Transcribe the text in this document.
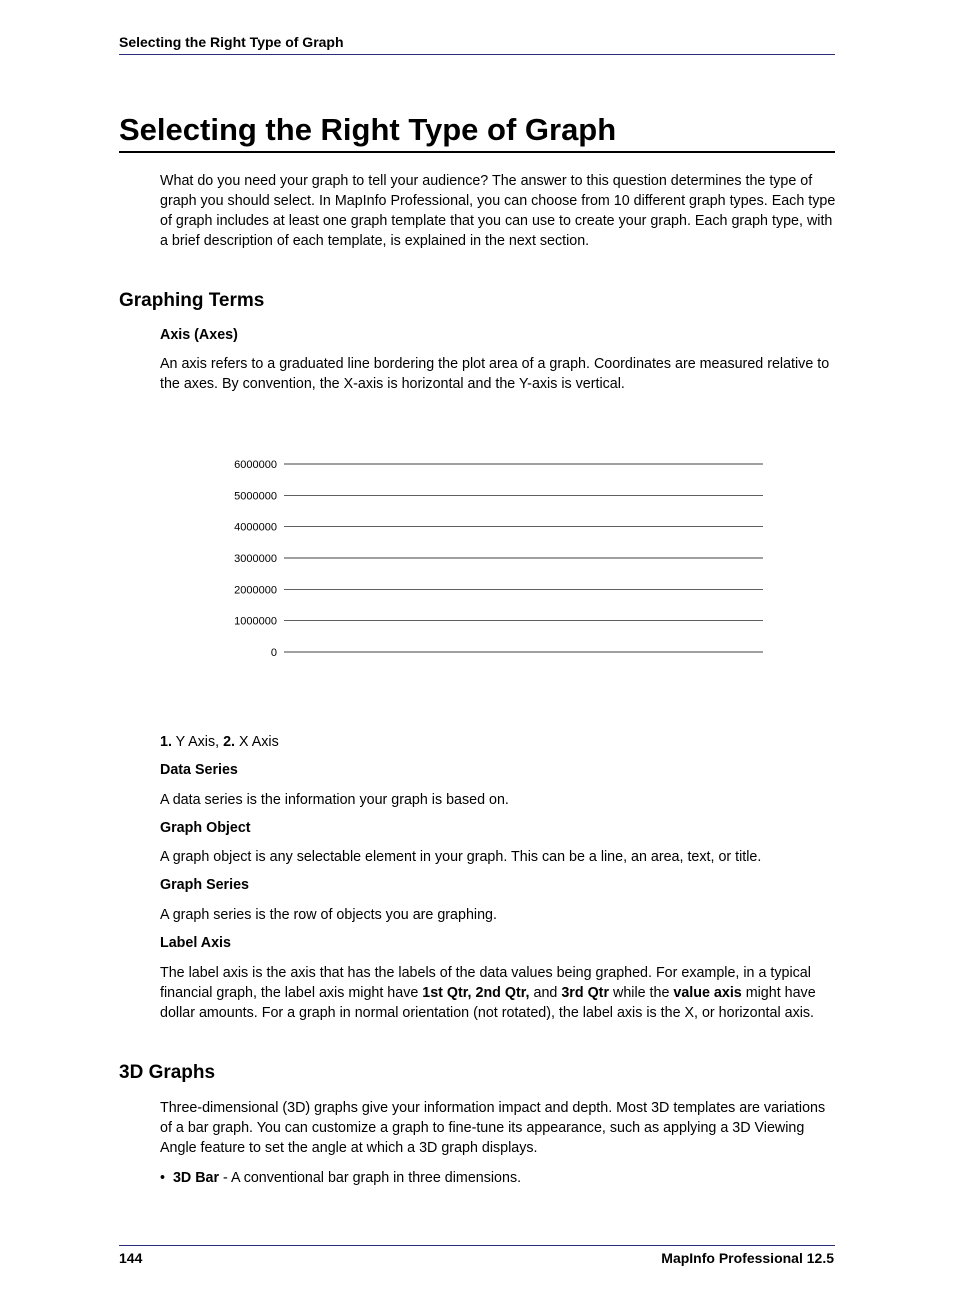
Selecting the Right Type of Graph
Selecting the Right Type of Graph

What do you need your graph to tell your audience? The answer to this question determines the type of graph you should select. In MapInfo Professional, you can choose from 10 different graph types. Each type of graph includes at least one graph template that you can use to create your graph. Each graph type, with a brief description of each template, is explained in the next section.

Graphing Terms
Axis (Axes)

An axis refers to a graduated line bordering the plot area of a graph. Coordinates are measured relative to the axes. By convention, the X-axis is horizontal and the Y-axis is vertical.

0
1000000
2000000
3000000
4000000
5000000
6000000

1. Y Axis, 2. X Axis

Data Series

A data series is the information your graph is based on.

Graph Object

A graph object is any selectable element in your graph. This can be a line, an area, text, or title.

Graph Series

A graph series is the row of objects you are graphing.

Label Axis

The label axis is the axis that has the labels of the data values being graphed. For example, in a typical financial graph, the label axis might have 1st Qtr, 2nd Qtr, and 3rd Qtr while the value axis might have dollar amounts. For a graph in normal orientation (not rotated), the label axis is the X, or horizontal axis.

3D Graphs

Three-dimensional (3D) graphs give your information impact and depth. Most 3D templates are variations of a bar graph. You can customize a graph to fine-tune its appearance, such as applying a 3D Viewing Angle feature to set the angle at which a 3D graph displays.

• 3D Bar - A conventional bar graph in three dimensions.

144	MapInfo Professional 12.5
